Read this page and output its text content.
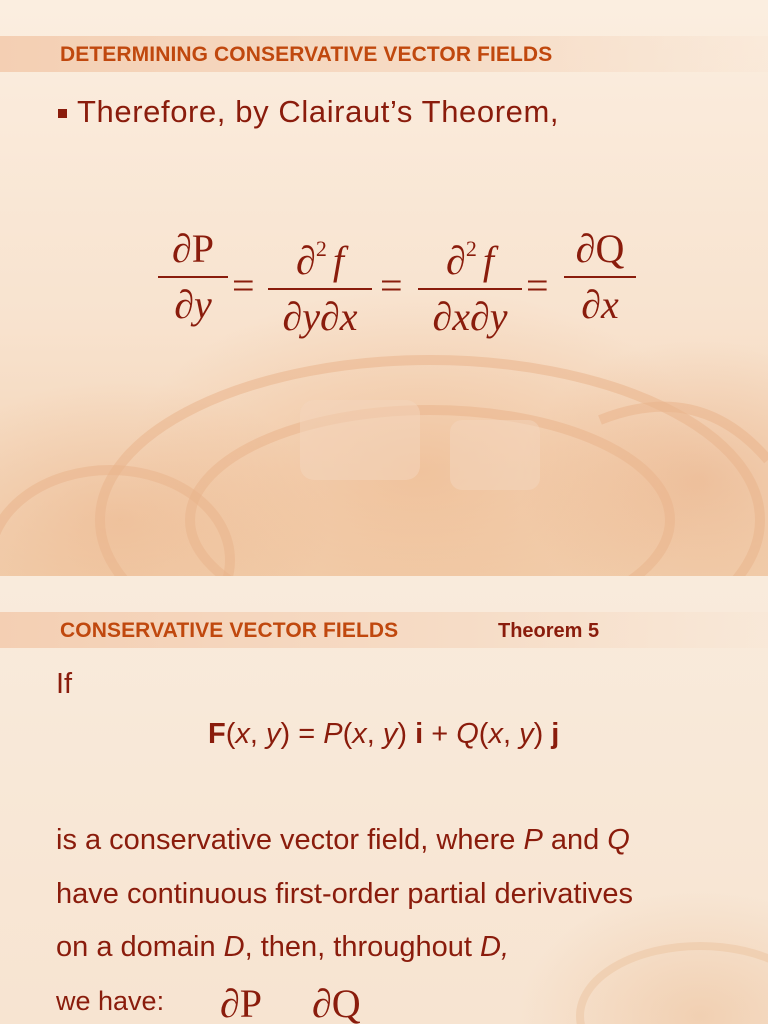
DETERMINING CONSERVATIVE VECTOR FIELDS
Therefore, by Clairaut’s Theorem,
∂P
∂y =
∂$^2$ f
∂y∂x
=
∂$^2$ f
∂x∂y
=
∂Q
∂x
CONSERVATIVE VECTOR FIELDS	Theorem 5
If
F(x, y) = P(x, y) i + Q(x, y) j
is a conservative vector field, where P and Q
have continuous first-order partial derivatives
on a domain D, then, throughout D,
we have: ∂P ∂Q
